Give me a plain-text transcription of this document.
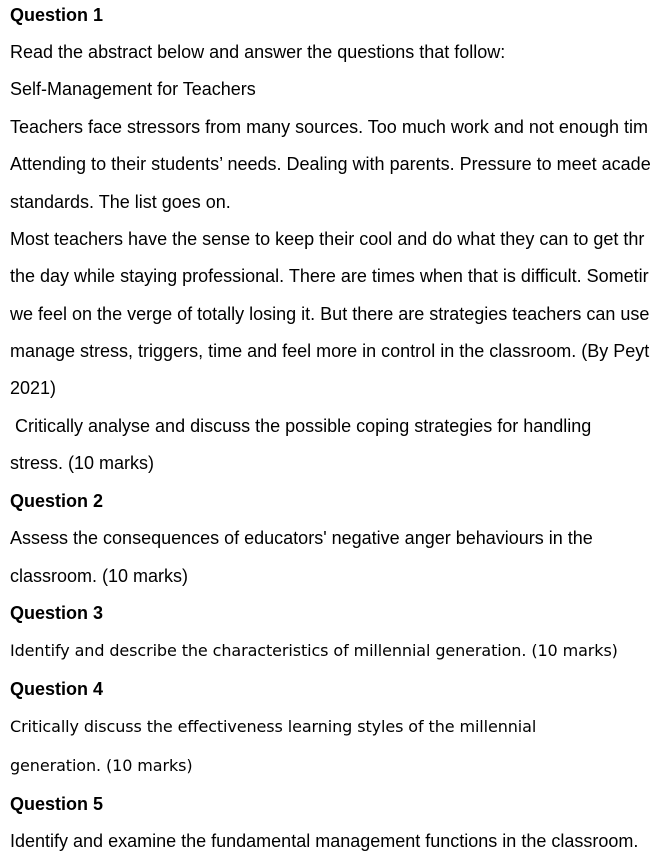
Question 1

Read the abstract below and answer the questions that follow:

Self-Management for Teachers

Teachers face stressors from many sources. Too much work and not enough tim

Attending to their students’ needs. Dealing with parents. Pressure to meet acade

standards. The list goes on.

Most teachers have the sense to keep their cool and do what they can to get thr

the day while staying professional. There are times when that is difficult. Sometir

we feel on the verge of totally losing it. But there are strategies teachers can use

manage stress, triggers, time and feel more in control in the classroom. (By Peyt

2021)

Critically analyse and discuss the possible coping strategies for handling

stress. (10 marks)

Question 2

Assess the consequences of educators' negative anger behaviours in the

classroom. (10 marks)

Question 3

Identify and describe the characteristics of millennial generation. (10 marks)

Question 4

Critically discuss the effectiveness learning styles of the millennial

generation. (10 marks)

Question 5

Identify and examine the fundamental management functions in the classroom.
